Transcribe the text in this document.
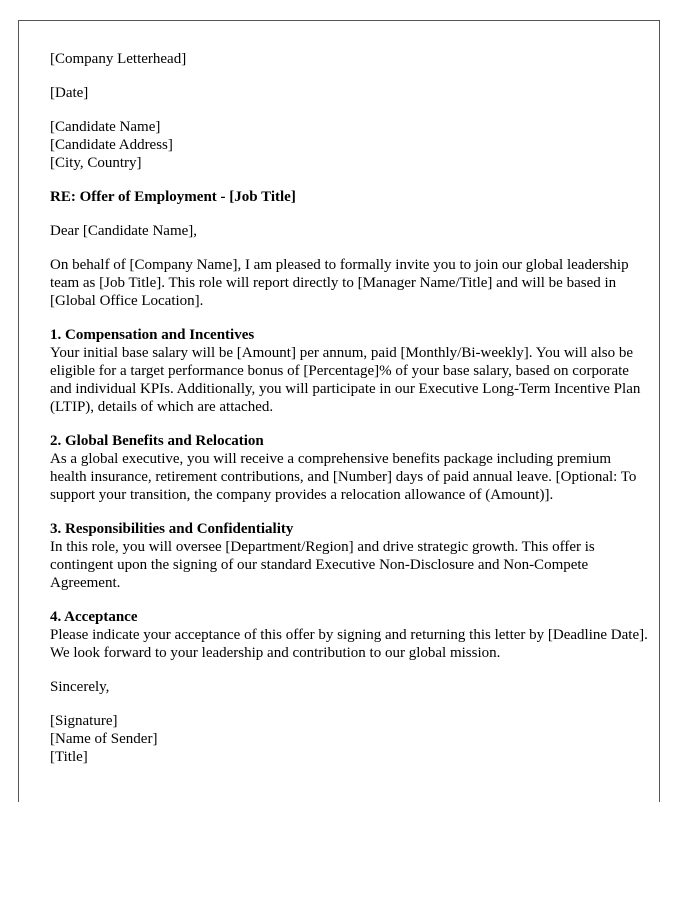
[Company Letterhead]
[Date]
[Candidate Name]
[Candidate Address]
[City, Country]
RE: Offer of Employment - [Job Title]
Dear [Candidate Name],
On behalf of [Company Name], I am pleased to formally invite you to join our global leadership team as [Job Title]. This role will report directly to [Manager Name/Title] and will be based in [Global Office Location].
1. Compensation and Incentives
Your initial base salary will be [Amount] per annum, paid [Monthly/Bi-weekly]. You will also be eligible for a target performance bonus of [Percentage]% of your base salary, based on corporate and individual KPIs. Additionally, you will participate in our Executive Long-Term Incentive Plan (LTIP), details of which are attached.
2. Global Benefits and Relocation
As a global executive, you will receive a comprehensive benefits package including premium health insurance, retirement contributions, and [Number] days of paid annual leave. [Optional: To support your transition, the company provides a relocation allowance of (Amount)].
3. Responsibilities and Confidentiality
In this role, you will oversee [Department/Region] and drive strategic growth. This offer is contingent upon the signing of our standard Executive Non-Disclosure and Non-Compete Agreement.
4. Acceptance
Please indicate your acceptance of this offer by signing and returning this letter by [Deadline Date]. We look forward to your leadership and contribution to our global mission.
Sincerely,
[Signature]
[Name of Sender]
[Title]
